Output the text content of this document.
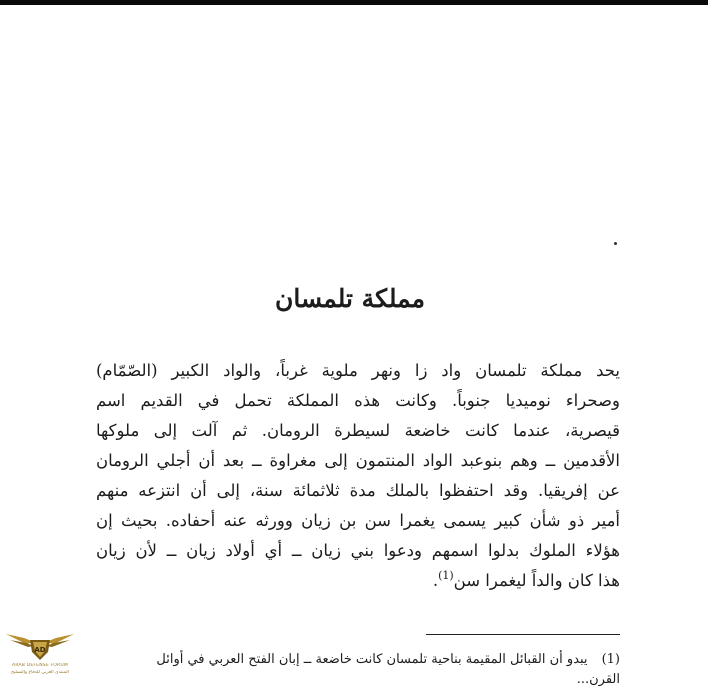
مملكة تلمسان
يحد مملكة تلمسان واد زا ونهر ملوية غرباً، والواد الكبير (الصّمّام)
وصحراء نوميديا جنوباً. وكانت هذه المملكة تحمل في القديم اسم
قيصرية، عندما كانت خاضعة لسيطرة الرومان. ثم آلت إلى ملوكها
الأقدمين ــ وهم بنوعبد الواد المنتمون إلى مغراوة ــ بعد أن أجلي الرومان
عن إفريقيا. وقد احتفظوا بالملك مدة ثلاثمائة سنة، إلى أن انتزعه منهم
أمير ذو شأن كبير يسمى يغمرا سن بن زيان وورثه عنه أحفاده. بحيث إن
هؤلاء الملوك بدلوا اسمهم ودعوا بني زيان ــ أي أولاد زيان ــ لأن زيان
هذا كان والداً ليغمرا سن$^{(1)}$.
(1)يبدو أن القبائل المقيمة بناحية تلمسان كانت خاضعة ــ إبان الفتح العربي في أوائل
القرن...
AD
ARAB DEFENSE FORUM
المنتدى العربي للدفاع والتسليح
